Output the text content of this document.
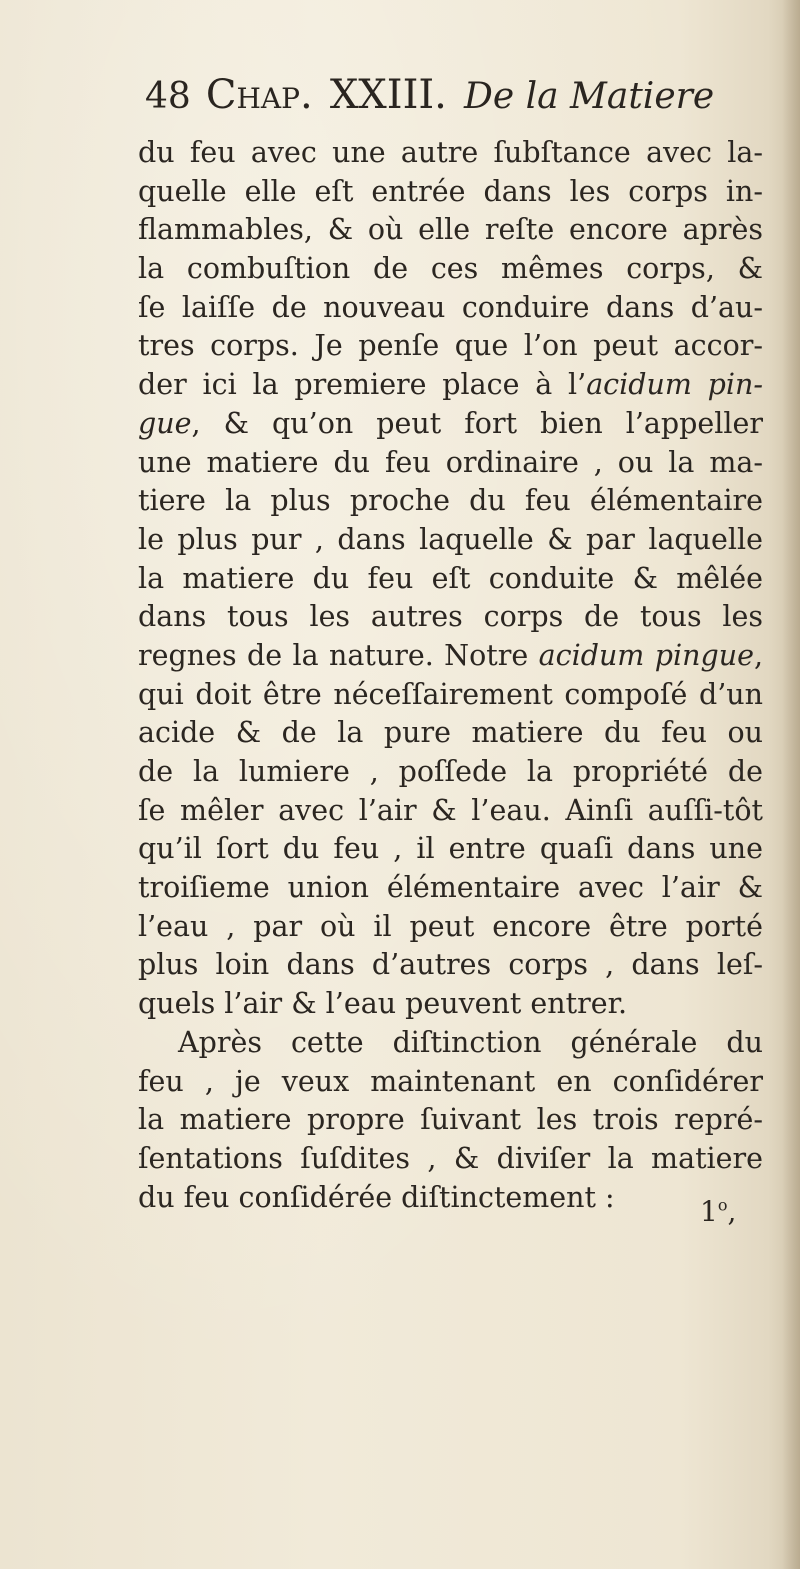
48 Chap. XXIII. De la Matiere
du feu avec une autre ſubſtance avec la-
quelle elle eſt entrée dans les corps in-
flammables, & où elle reſte encore après
la combuſtion de ces mêmes corps, &
ſe laiſſe de nouveau conduire dans d’au-
tres corps. Je penſe que l’on peut accor-
der ici la premiere place à l’acidum pin-
gue, & qu’on peut fort bien l’appeller
une matiere du feu ordinaire , ou la ma-
tiere la plus proche du feu élémentaire
le plus pur , dans laquelle & par laquelle
la matiere du feu eſt conduite & mêlée
dans tous les autres corps de tous les
regnes de la nature. Notre acidum pingue,
qui doit être néceſſairement compoſé d’un
acide & de la pure matiere du feu ou
de la lumiere , poſſede la propriété de
ſe mêler avec l’air & l’eau. Ainſi auſſi-tôt
qu’il ſort du feu , il entre quaſi dans une
troiſieme union élémentaire avec l’air &
l’eau , par où il peut encore être porté
plus loin dans d’autres corps , dans leſ-
quels l’air & l’eau peuvent entrer.
Après cette diſtinction générale du
feu , je veux maintenant en conſidérer
la matiere propre ſuivant les trois repré-
ſentations ſuſdites , & diviſer la matiere
du feu conſidérée diſtinctement :	1$^o$,
